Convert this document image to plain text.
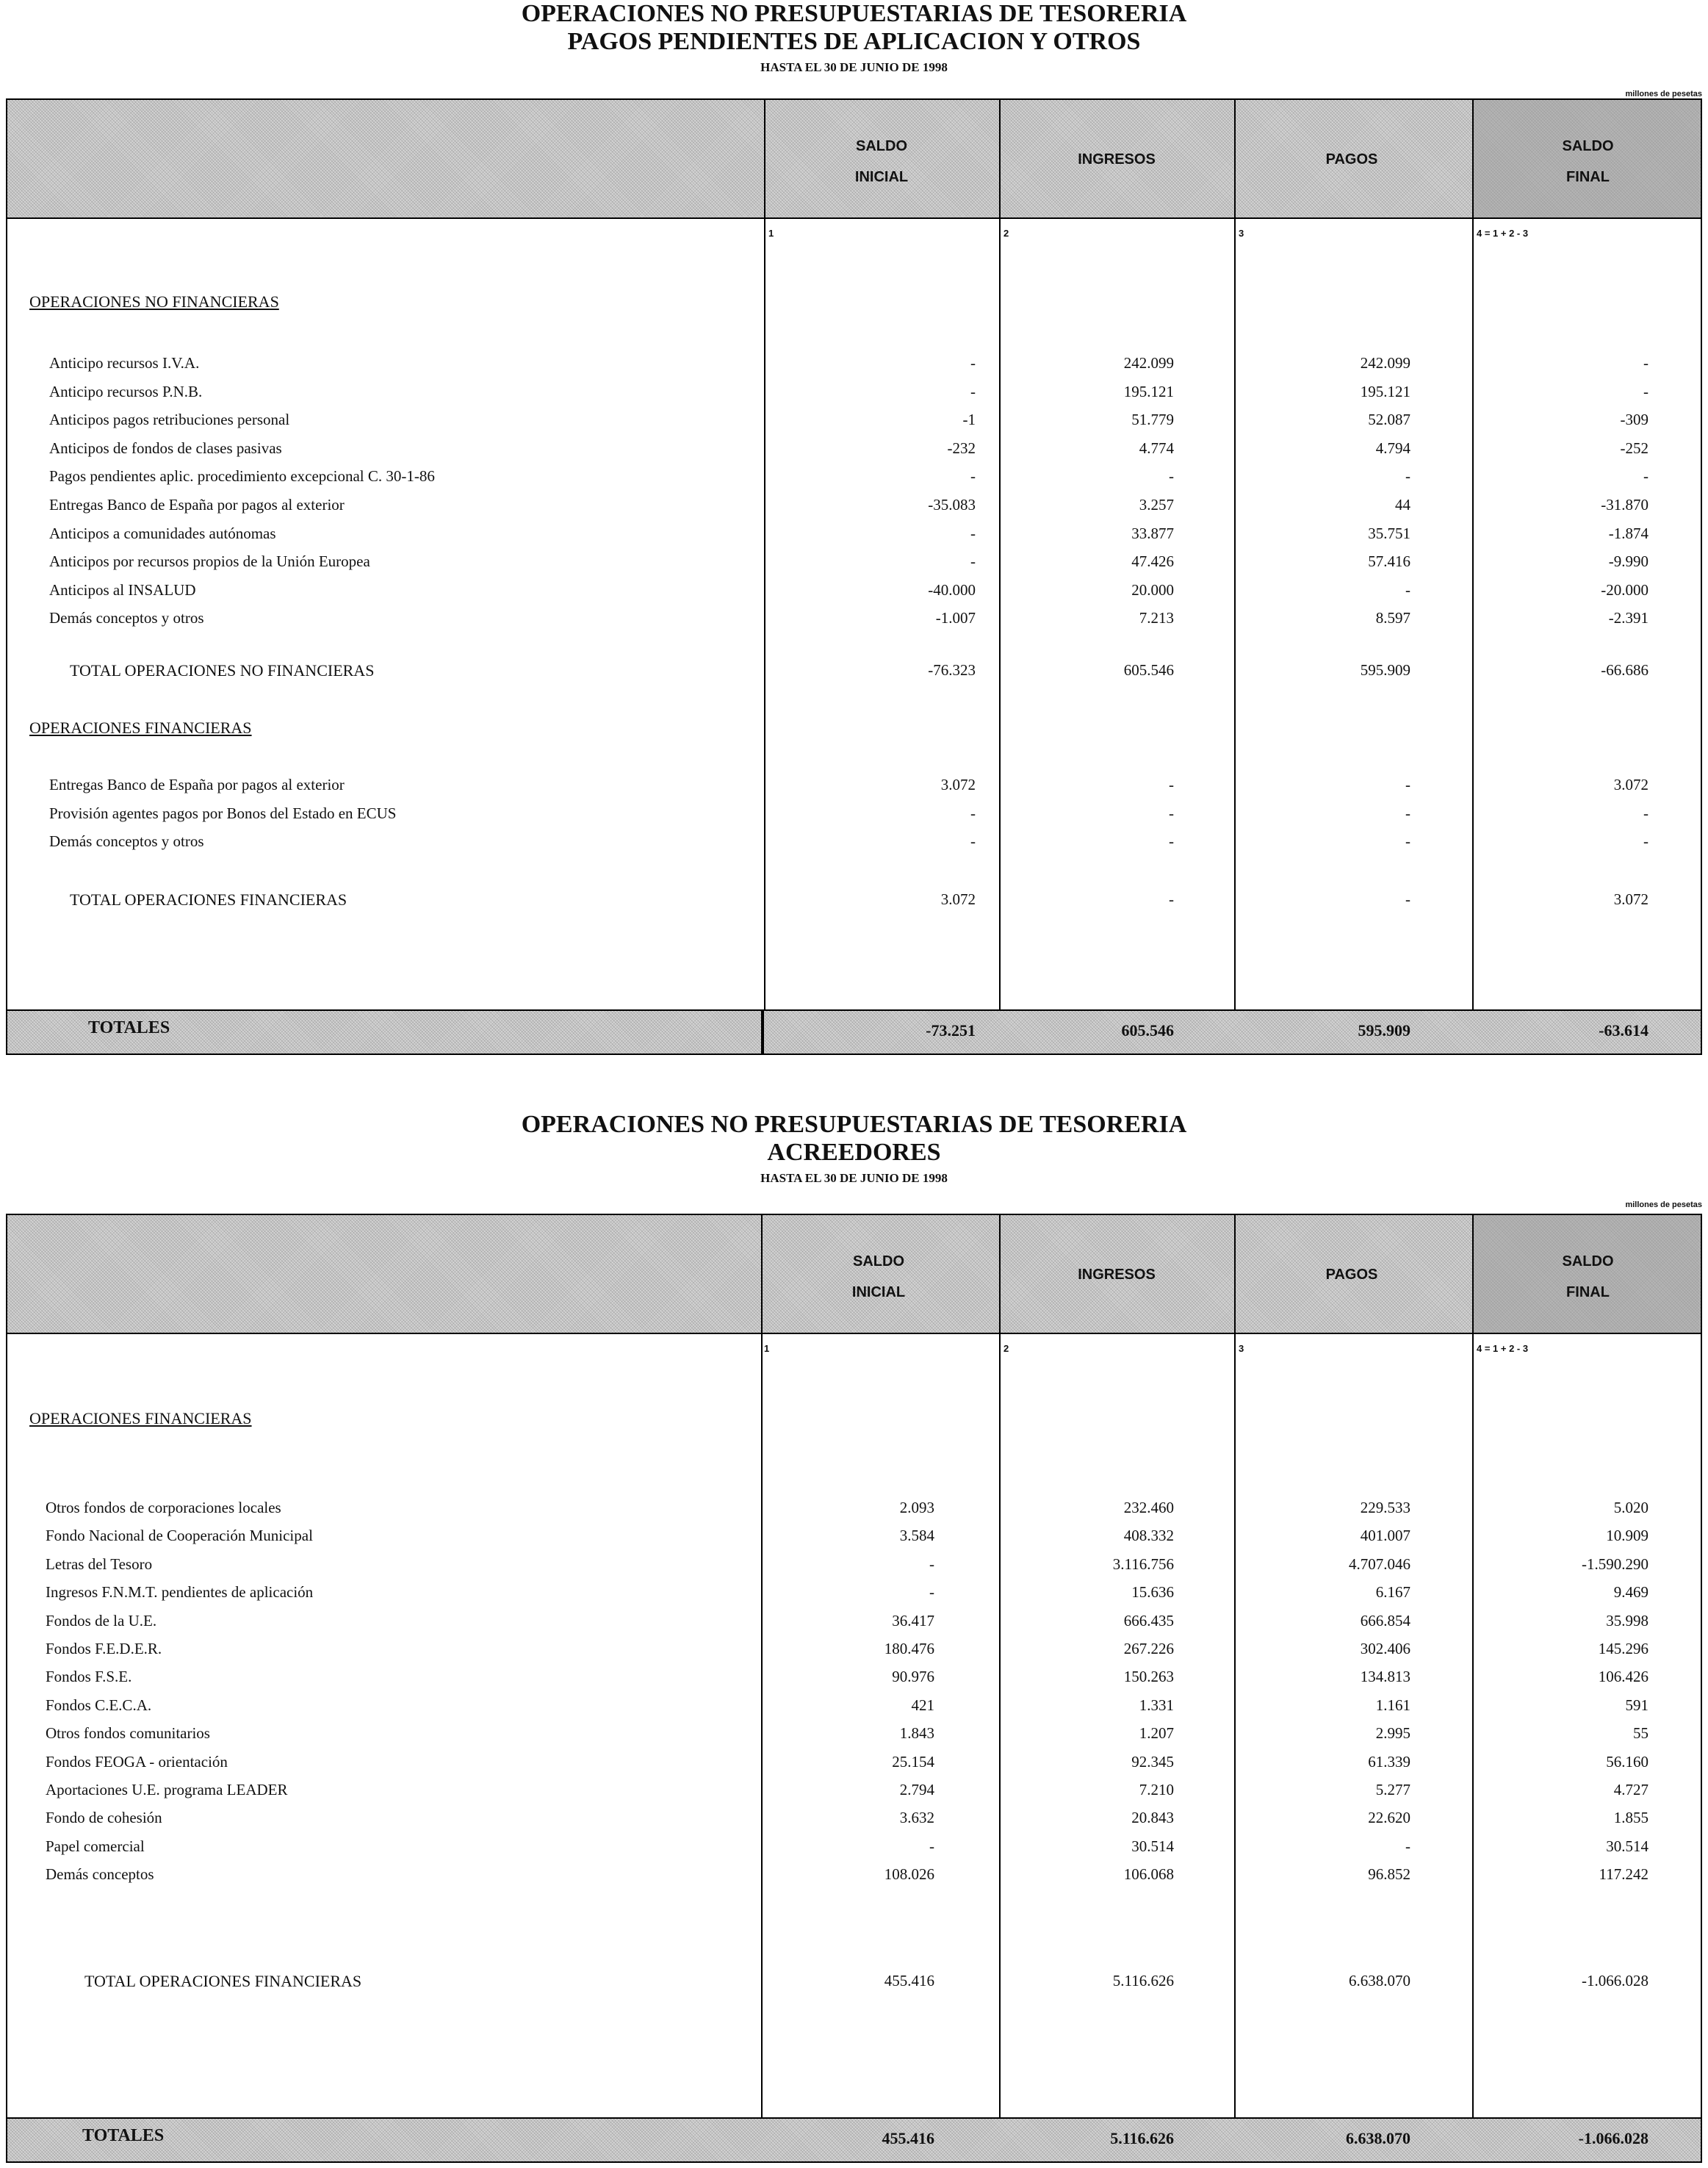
OPERACIONES NO PRESUPUESTARIAS DE TESORERIA
PAGOS PENDIENTES DE APLICACION Y OTROS
HASTA EL 30 DE JUNIO DE 1998
millones de pesetas
SALDO
INICIAL
INGRESOS	PAGOS
SALDO
FINAL
1	2	3	4 = 1 + 2 - 3
OPERACIONES NO FINANCIERAS
Anticipo recursos I.V.A.	-	242.099	242.099	-
Anticipo recursos P.N.B.	-	195.121	195.121	-
Anticipos pagos retribuciones personal	-1	51.779	52.087	-309
Anticipos de fondos de clases pasivas	-232	4.774	4.794	-252
Pagos pendientes aplic. procedimiento excepcional C. 30-1-86	-	-	-	-
Entregas Banco de España por pagos al exterior	-35.083	3.257	44	-31.870
Anticipos a comunidades autónomas	-	33.877	35.751	-1.874
Anticipos por recursos propios de la Unión Europea	-	47.426	57.416	-9.990
Anticipos al INSALUD	-40.000	20.000	-	-20.000
Demás conceptos y otros	-1.007	7.213	8.597	-2.391
TOTAL OPERACIONES NO FINANCIERAS	-76.323	605.546	595.909	-66.686
OPERACIONES FINANCIERAS
Entregas Banco de España por pagos al exterior	3.072	-	-	3.072
Provisión agentes pagos por Bonos del Estado en ECUS	-	-	-	-
Demás conceptos y otros	-	-	-	-
TOTAL OPERACIONES FINANCIERAS	3.072	-	-	3.072
TOTALES	-73.251	605.546	595.909	-63.614
OPERACIONES NO PRESUPUESTARIAS DE TESORERIA
ACREEDORES
HASTA EL 30 DE JUNIO DE 1998
millones de pesetas
SALDO
INICIAL
INGRESOS	PAGOS
SALDO
FINAL
1	2	3	4 = 1 + 2 - 3
OPERACIONES FINANCIERAS
Otros fondos de corporaciones locales	2.093	232.460	229.533	5.020
Fondo Nacional de Cooperación Municipal	3.584	408.332	401.007	10.909
Letras del Tesoro	-	3.116.756	4.707.046	-1.590.290
Ingresos F.N.M.T. pendientes de aplicación	-	15.636	6.167	9.469
Fondos de la U.E.	36.417	666.435	666.854	35.998
Fondos F.E.D.E.R.	180.476	267.226	302.406	145.296
Fondos F.S.E.	90.976	150.263	134.813	106.426
Fondos C.E.C.A.	421	1.331	1.161	591
Otros fondos comunitarios	1.843	1.207	2.995	55
Fondos FEOGA - orientación	25.154	92.345	61.339	56.160
Aportaciones U.E. programa LEADER	2.794	7.210	5.277	4.727
Fondo de cohesión	3.632	20.843	22.620	1.855
Papel comercial	-	30.514	-	30.514
Demás conceptos	108.026	106.068	96.852	117.242
TOTAL OPERACIONES FINANCIERAS	455.416	5.116.626	6.638.070	-1.066.028
TOTALES	455.416	5.116.626	6.638.070	-1.066.028
